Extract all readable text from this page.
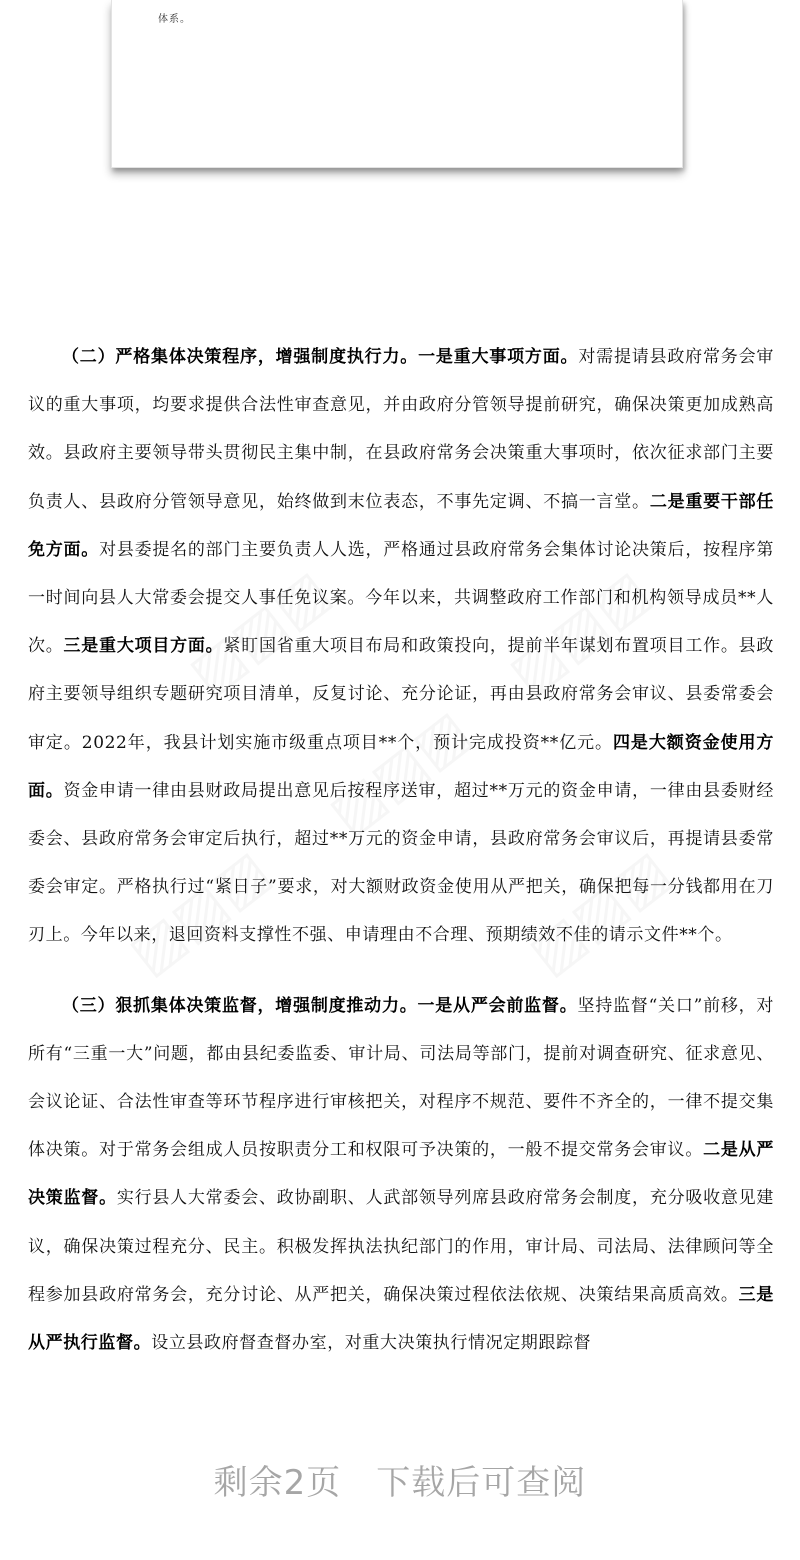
体系。

（二）严格集体决策程序，增强制度执行力。一是重大事项方面。对需提请县政府常务会审议的重大事项，均要求提供合法性审查意见，并由政府分管领导提前研究，确保决策更加成熟高效。县政府主要领导带头贯彻民主集中制，在县政府常务会决策重大事项时，依次征求部门主要负责人、县政府分管领导意见，始终做到末位表态，不事先定调、不搞一言堂。二是重要干部任免方面。对县委提名的部门主要负责人人选，严格通过县政府常务会集体讨论决策后，按程序第一时间向县人大常委会提交人事任免议案。今年以来，共调整政府工作部门和机构领导成员**人次。三是重大项目方面。紧盯国省重大项目布局和政策投向，提前半年谋划布置项目工作。县政府主要领导组织专题研究项目清单，反复讨论、充分论证，再由县政府常务会审议、县委常委会审定。2022年，我县计划实施市级重点项目**个，预计完成投资**亿元。四是大额资金使用方面。资金申请一律由县财政局提出意见后按程序送审，超过**万元的资金申请，一律由县委财经委会、县政府常务会审定后执行，超过**万元的资金申请，县政府常务会审议后，再提请县委常委会审定。严格执行过“紧日子”要求，对大额财政资金使用从严把关，确保把每一分钱都用在刀刃上。今年以来，退回资料支撑性不强、申请理由不合理、预期绩效不佳的请示文件**个。

（三）狠抓集体决策监督，增强制度推动力。一是从严会前监督。坚持监督“关口”前移，对所有“三重一大”问题，都由县纪委监委、审计局、司法局等部门，提前对调查研究、征求意见、会议论证、合法性审查等环节程序进行审核把关，对程序不规范、要件不齐全的，一律不提交集体决策。对于常务会组成人员按职责分工和权限可予决策的，一般不提交常务会审议。二是从严决策监督。实行县人大常委会、政协副职、人武部领导列席县政府常务会制度，充分吸收意见建议，确保决策过程充分、民主。积极发挥执法执纪部门的作用，审计局、司法局、法律顾问等全程参加县政府常务会，充分讨论、从严把关，确保决策过程依法依规、决策结果高质高效。三是从严执行监督。设立县政府督查督办室，对重大决策执行情况定期跟踪督

剩余2页　下载后可查阅
